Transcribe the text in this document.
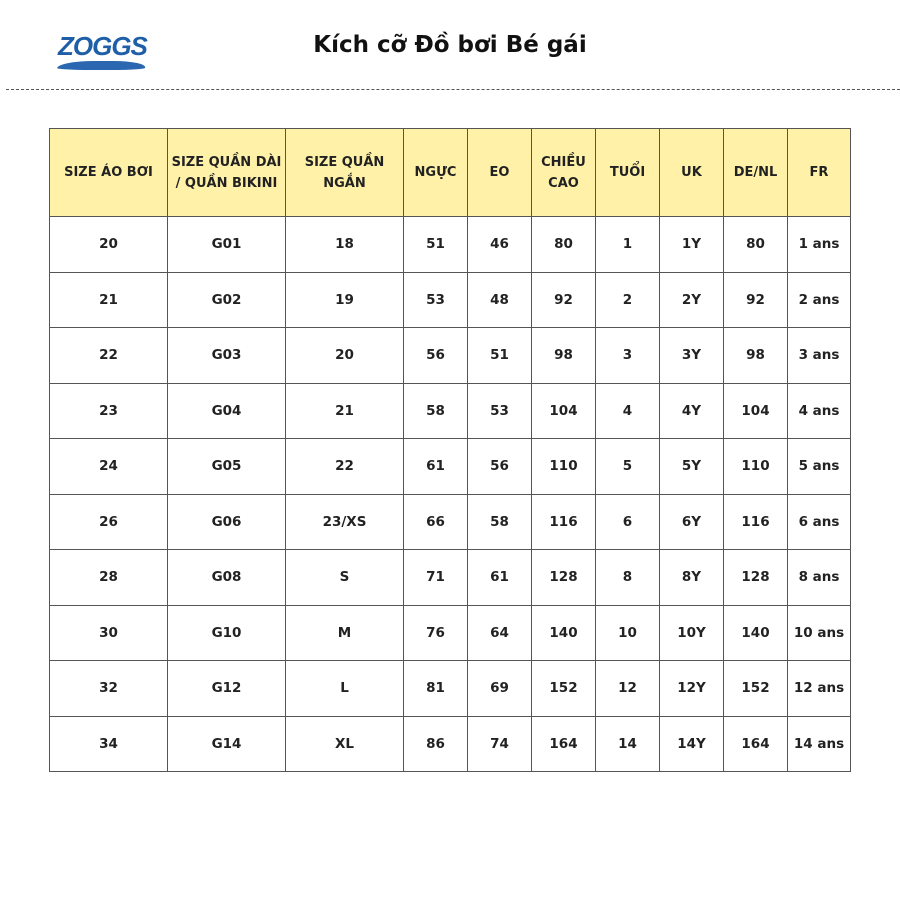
ZOGGS	Kích cỡ Đồ bơi Bé gái
SIZE ÁO BƠI	SIZE QUẦN DÀI / QUẦN BIKINI	SIZE QUẦN NGẮN	NGỰC	EO	CHIỀU CAO	TUỔI	UK	DE/NL	FR
20	G01	18	51	46	80	1	1Y	80	1 ans
21	G02	19	53	48	92	2	2Y	92	2 ans
22	G03	20	56	51	98	3	3Y	98	3 ans
23	G04	21	58	53	104	4	4Y	104	4 ans
24	G05	22	61	56	110	5	5Y	110	5 ans
26	G06	23/XS	66	58	116	6	6Y	116	6 ans
28	G08	S	71	61	128	8	8Y	128	8 ans
30	G10	M	76	64	140	10	10Y	140	10 ans
32	G12	L	81	69	152	12	12Y	152	12 ans
34	G14	XL	86	74	164	14	14Y	164	14 ans
